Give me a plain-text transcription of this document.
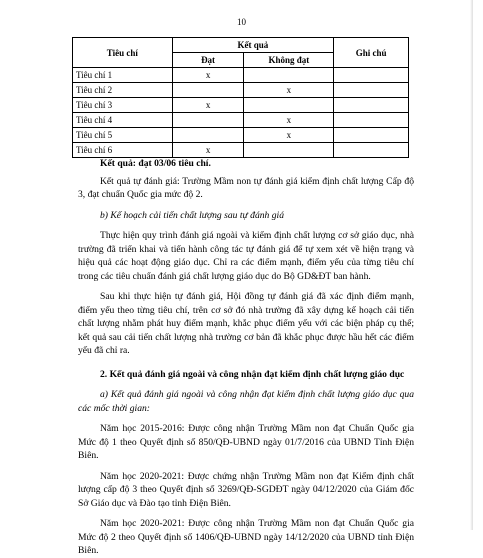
10
Tiêu chí	Kết quả		Ghi chú
	Đạt	Không đạt	
Tiêu chí 1	x		
Tiêu chí 2		x	
Tiêu chí 3	x		
Tiêu chí 4		x	
Tiêu chí 5		x	
Tiêu chí 6	x		

Kết quả: đạt 03/06 tiêu chí.

Kết quả tự đánh giá: Trường Mầm non tự đánh giá kiểm định chất lượng Cấp độ 3, đạt chuẩn Quốc gia mức độ 2.

b) Kế hoạch cải tiến chất lượng sau tự đánh giá

Thực hiện quy trình đánh giá ngoài và kiểm định chất lượng cơ sở giáo dục, nhà trường đã triển khai và tiến hành công tác tự đánh giá để tự xem xét về hiện trạng và hiệu quả các hoạt động giáo dục. Chỉ ra các điểm mạnh, điểm yếu của từng tiêu chí trong các tiêu chuẩn đánh giá chất lượng giáo dục do Bộ GD&ĐT ban hành.

Sau khi thực hiện tự đánh giá, Hội đồng tự đánh giá đã xác định điểm mạnh, điểm yếu theo từng tiêu chí, trên cơ sở đó nhà trường đã xây dựng kế hoạch cải tiến chất lượng nhằm phát huy điểm mạnh, khắc phục điểm yếu với các biện pháp cụ thể; kết quả sau cải tiến chất lượng nhà trường cơ bản đã khắc phục được hầu hết các điểm yếu đã chỉ ra.

2. Kết quả đánh giá ngoài và công nhận đạt kiểm định chất lượng giáo dục

a) Kết quả đánh giá ngoài và công nhận đạt kiểm định chất lượng giáo dục qua các mốc thời gian:

Năm học 2015-2016: Được công nhận Trường Mầm non đạt Chuẩn Quốc gia Mức độ 1 theo Quyết định số 850/QĐ-UBND ngày 01/7/2016 của UBND Tỉnh Điện Biên.

Năm học 2020-2021: Được chứng nhận Trường Mầm non đạt Kiểm định chất lượng cấp độ 3 theo Quyết định số 3269/QĐ-SGDĐT ngày 04/12/2020 của Giám đốc Sở Giáo dục và Đào tạo tỉnh Điện Biên.

Năm học 2020-2021: Được công nhận Trường Mầm non đạt Chuẩn Quốc gia Mức độ 2 theo Quyết định số 1406/QĐ-UBND ngày 14/12/2020 của UBND tỉnh Điện Biên.
